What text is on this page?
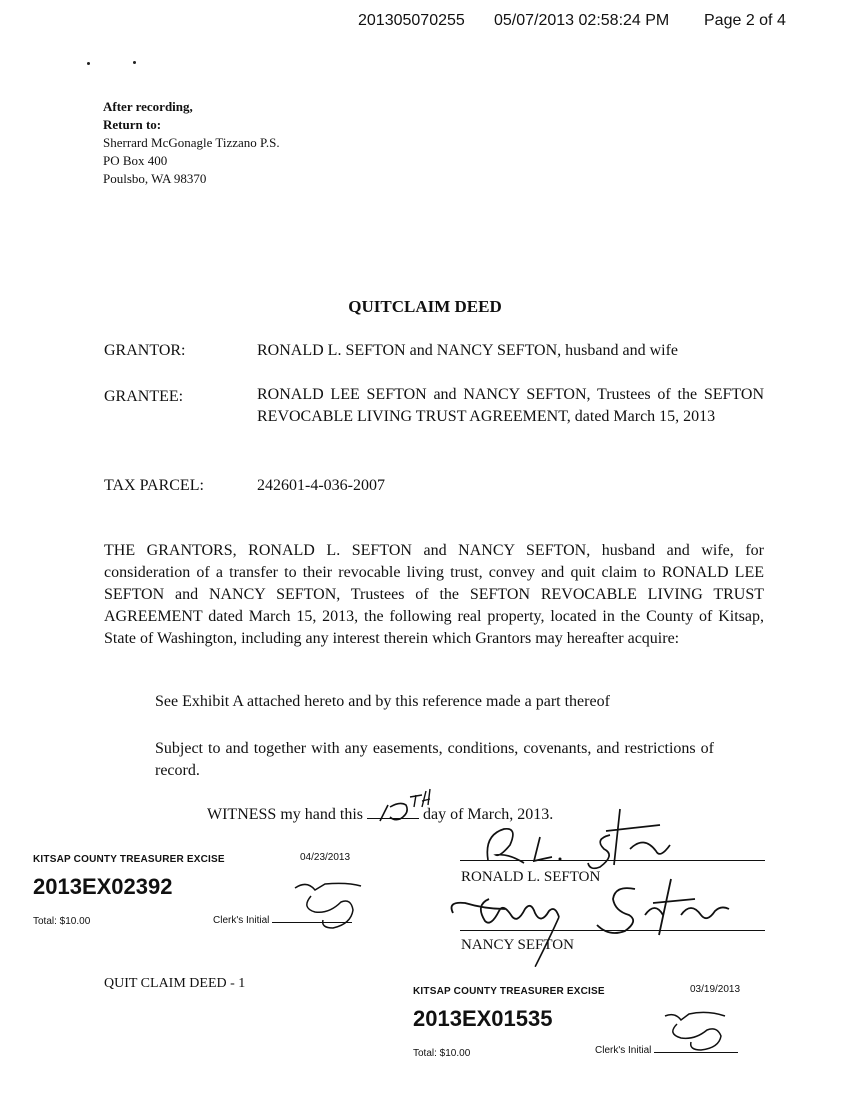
201305070255 05/07/2013 02:58:24 PM Page 2 of 4
After recording,
Return to:
Sherrard McGonagle Tizzano P.S.
PO Box 400
Poulsbo, WA 98370
QUITCLAIM DEED
GRANTOR:	RONALD L. SEFTON and NANCY SEFTON, husband and wife
GRANTEE:	RONALD LEE SEFTON and NANCY SEFTON, Trustees of the SEFTON REVOCABLE LIVING TRUST AGREEMENT, dated March 15, 2013
TAX PARCEL:	242601-4-036-2007
THE GRANTORS, RONALD L. SEFTON and NANCY SEFTON, husband and wife, for consideration of a transfer to their revocable living trust, convey and quit claim to RONALD LEE SEFTON and NANCY SEFTON, Trustees of the SEFTON REVOCABLE LIVING TRUST AGREEMENT dated March 15, 2013, the following real property, located in the County of Kitsap, State of Washington, including any interest therein which Grantors may hereafter acquire:
See Exhibit A attached hereto and by this reference made a part thereof
Subject to and together with any easements, conditions, covenants, and restrictions of record.
WITNESS my hand this	day of March, 2013.
RONALD L. SEFTON
NANCY SEFTON
QUIT CLAIM DEED - 1
KITSAP COUNTY TREASURER EXCISE	04/23/2013
2013EX02392
Total: $10.00	Clerk's Initial
KITSAP COUNTY TREASURER EXCISE	03/19/2013
2013EX01535
Total: $10.00	Clerk's Initial
